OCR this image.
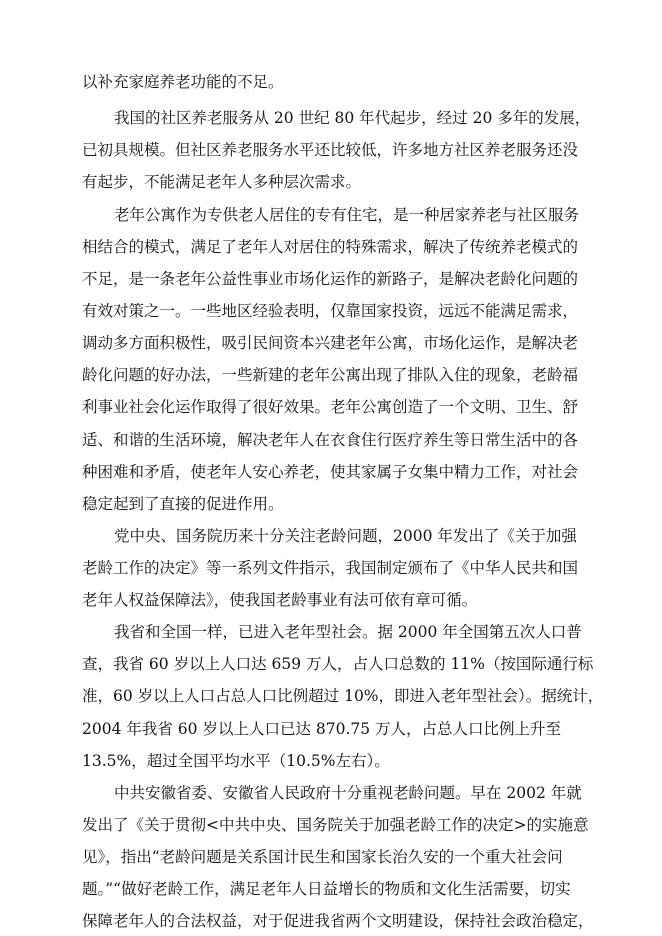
以补充家庭养老功能的不足。
我国的社区养老服务从 20 世纪 80 年代起步，经过 20 多年的发展，
已初具规模。但社区养老服务水平还比较低，许多地方社区养老服务还没
有起步，不能满足老年人多种层次需求。
老年公寓作为专供老人居住的专有住宅，是一种居家养老与社区服务
相结合的模式，满足了老年人对居住的特殊需求，解决了传统养老模式的
不足，是一条老年公益性事业市场化运作的新路子，是解决老龄化问题的
有效对策之一。一些地区经验表明，仅靠国家投资，远远不能满足需求，
调动多方面积极性，吸引民间资本兴建老年公寓，市场化运作，是解决老
龄化问题的好办法，一些新建的老年公寓出现了排队入住的现象，老龄福
利事业社会化运作取得了很好效果。老年公寓创造了一个文明、卫生、舒
适、和谐的生活环境，解决老年人在衣食住行医疗养生等日常生活中的各
种困难和矛盾，使老年人安心养老，使其家属子女集中精力工作，对社会
稳定起到了直接的促进作用。
党中央、国务院历来十分关注老龄问题，2000 年发出了《关于加强
老龄工作的决定》等一系列文件指示，我国制定颁布了《中华人民共和国
老年人权益保障法》，使我国老龄事业有法可依有章可循。
我省和全国一样，已进入老年型社会。据 2000 年全国第五次人口普
查，我省 60 岁以上人口达 659 万人，占人口总数的 11%（按国际通行标
准，60 岁以上人口占总人口比例超过 10%，即进入老年型社会）。据统计，
2004 年我省 60 岁以上人口已达 870.75 万人，占总人口比例上升至
13.5%，超过全国平均水平（10.5%左右）。
中共安徽省委、安徽省人民政府十分重视老龄问题。早在 2002 年就
发出了《关于贯彻<中共中央、国务院关于加强老龄工作的决定>的实施意
见》，指出“老龄问题是关系国计民生和国家长治久安的一个重大社会问
题。”“做好老龄工作，满足老年人日益增长的物质和文化生活需要，切实
保障老年人的合法权益，对于促进我省两个文明建设，保持社会政治稳定，
